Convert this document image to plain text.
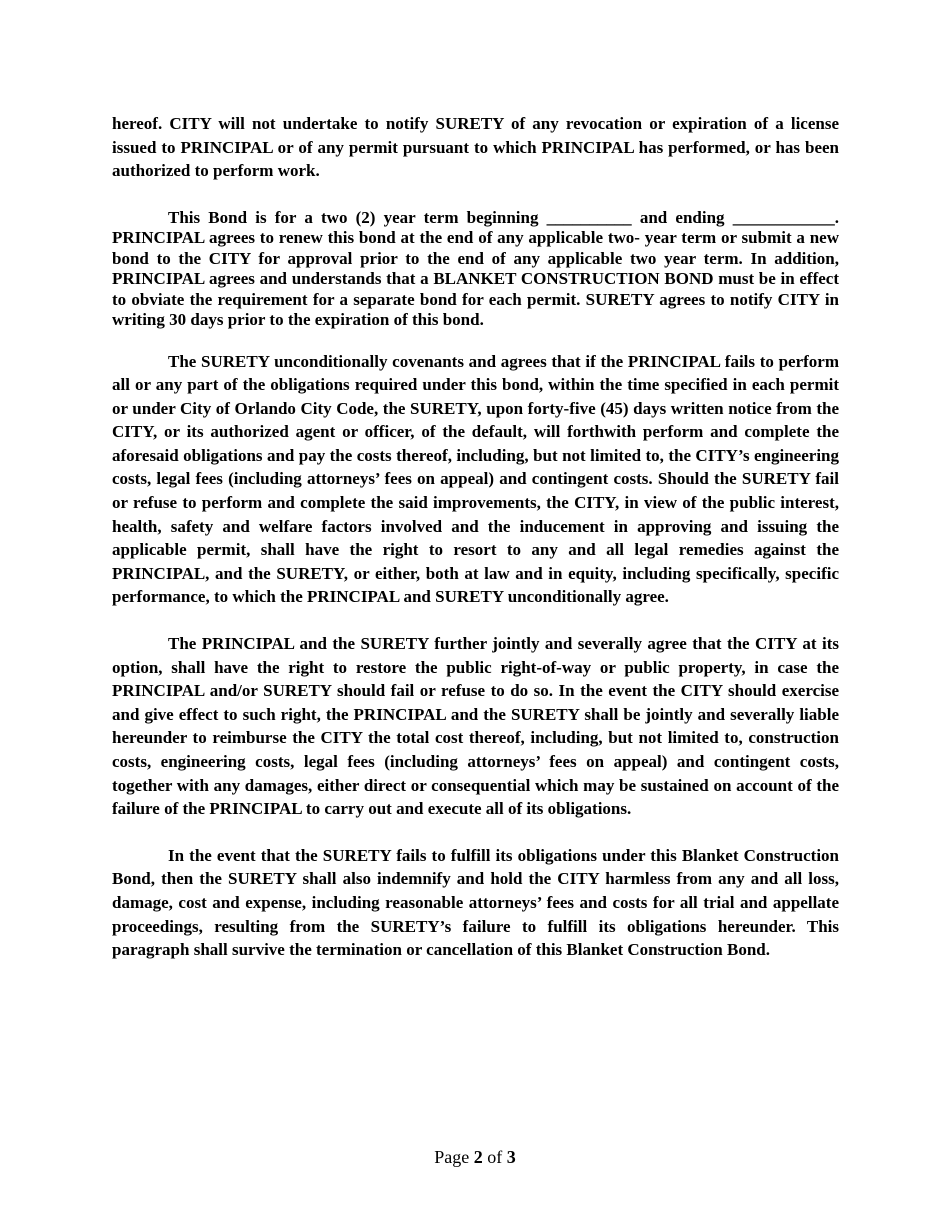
hereof. CITY will not undertake to notify SURETY of any revocation or expiration of a license issued to PRINCIPAL or of any permit pursuant to which PRINCIPAL has performed, or has been authorized to perform work.

This Bond is for a two (2) year term beginning __________ and ending ____________. PRINCIPAL agrees to renew this bond at the end of any applicable two- year term or submit a new bond to the CITY for approval prior to the end of any applicable two year term. In addition, PRINCIPAL agrees and understands that a BLANKET CONSTRUCTION BOND must be in effect to obviate the requirement for a separate bond for each permit. SURETY agrees to notify CITY in writing 30 days prior to the expiration of this bond.

The SURETY unconditionally covenants and agrees that if the PRINCIPAL fails to perform all or any part of the obligations required under this bond, within the time specified in each permit or under City of Orlando City Code, the SURETY, upon forty-five (45) days written notice from the CITY, or its authorized agent or officer, of the default, will forthwith perform and complete the aforesaid obligations and pay the costs thereof, including, but not limited to, the CITY’s engineering costs, legal fees (including attorneys’ fees on appeal) and contingent costs. Should the SURETY fail or refuse to perform and complete the said improvements, the CITY, in view of the public interest, health, safety and welfare factors involved and the inducement in approving and issuing the applicable permit, shall have the right to resort to any and all legal remedies against the PRINCIPAL, and the SURETY, or either, both at law and in equity, including specifically, specific performance, to which the PRINCIPAL and SURETY unconditionally agree.

The PRINCIPAL and the SURETY further jointly and severally agree that the CITY at its option, shall have the right to restore the public right-of-way or public property, in case the PRINCIPAL and/or SURETY should fail or refuse to do so. In the event the CITY should exercise and give effect to such right, the PRINCIPAL and the SURETY shall be jointly and severally liable hereunder to reimburse the CITY the total cost thereof, including, but not limited to, construction costs, engineering costs, legal fees (including attorneys’ fees on appeal) and contingent costs, together with any damages, either direct or consequential which may be sustained on account of the failure of the PRINCIPAL to carry out and execute all of its obligations.

In the event that the SURETY fails to fulfill its obligations under this Blanket Construction Bond, then the SURETY shall also indemnify and hold the CITY harmless from any and all loss, damage, cost and expense, including reasonable attorneys’ fees and costs for all trial and appellate proceedings, resulting from the SURETY’s failure to fulfill its obligations hereunder. This paragraph shall survive the termination or cancellation of this Blanket Construction Bond.

Page 2 of 3
